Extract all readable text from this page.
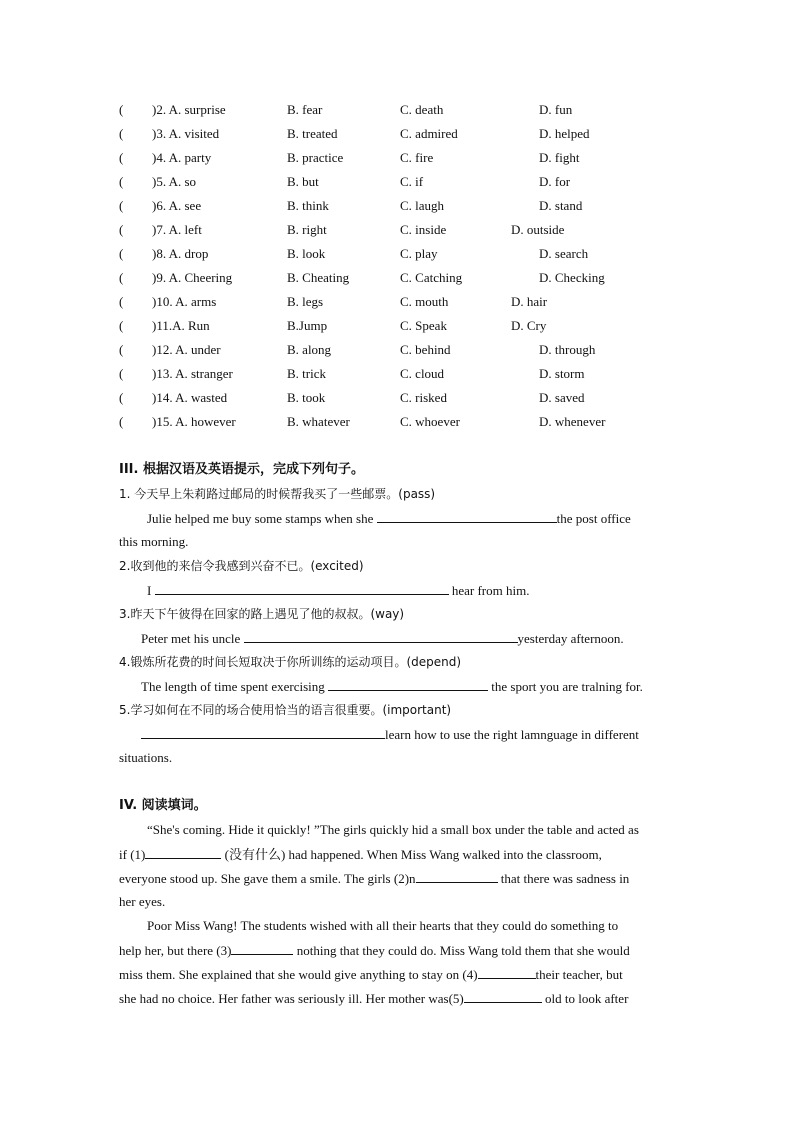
( )2. A. surprise	B. fear	C. death	D. fun
( )3. A. visited	B. treated	C. admired	D. helped
( )4. A. party	B. practice	C. fire	D. fight
( )5. A. so	B. but	C. if	D. for
( )6. A. see	B. think	C. laugh	D. stand
( )7. A. left	B. right	C. inside	D. outside
( )8. A. drop	B. look	C. play	D. search
( )9. A. Cheering	B. Cheating	C. Catching	D. Checking
( )10. A. arms	B. legs	C. mouth	D. hair
( )11.A. Run	B.Jump	C. Speak	D. Cry
( )12. A. under	B. along	C. behind	D. through
( )13. A. stranger	B. trick	C. cloud	D. storm
( )14. A. wasted	B. took	C. risked	D. saved
( )15. A. however	B. whatever	C. whoever	D. whenever
III. 根据汉语及英语提示，完成下列句子。
1. 今天早上朱莉路过邮局的时候帮我买了一些邮票。(pass)
Julie helped me buy some stamps when she	the post office
this morning.
2.收到他的来信令我感到兴奋不已。(excited)
I	hear from him.
3.昨天下午彼得在回家的路上遇见了他的叔叔。(way)
Peter met his uncle	yesterday afternoon.
4.锻炼所花费的时间长短取决于你所训练的运动项目。(depend)
The length of time spent exercising	the sport you are tralning for.
5.学习如何在不同的场合使用恰当的语言很重要。(important)
learn how to use the right lamnguage in different
situations.
IV. 阅读填词。
“She's coming. Hide it quickly! ”The girls quickly hid a small box under the table and acted as
if (1)	(没有什么) had happened. When Miss Wang walked into the classroom,
everyone stood up. She gave them a smile. The girls (2)n	that there was sadness in
her eyes.
Poor Miss Wang! The students wished with all their hearts that they could do something to
help her, but there (3)	nothing that they could do. Miss Wang told them that she would
miss them. She explained that she would give anything to stay on (4)	their teacher, but
she had no choice. Her father was seriously ill. Her mother was(5)	old to look after
